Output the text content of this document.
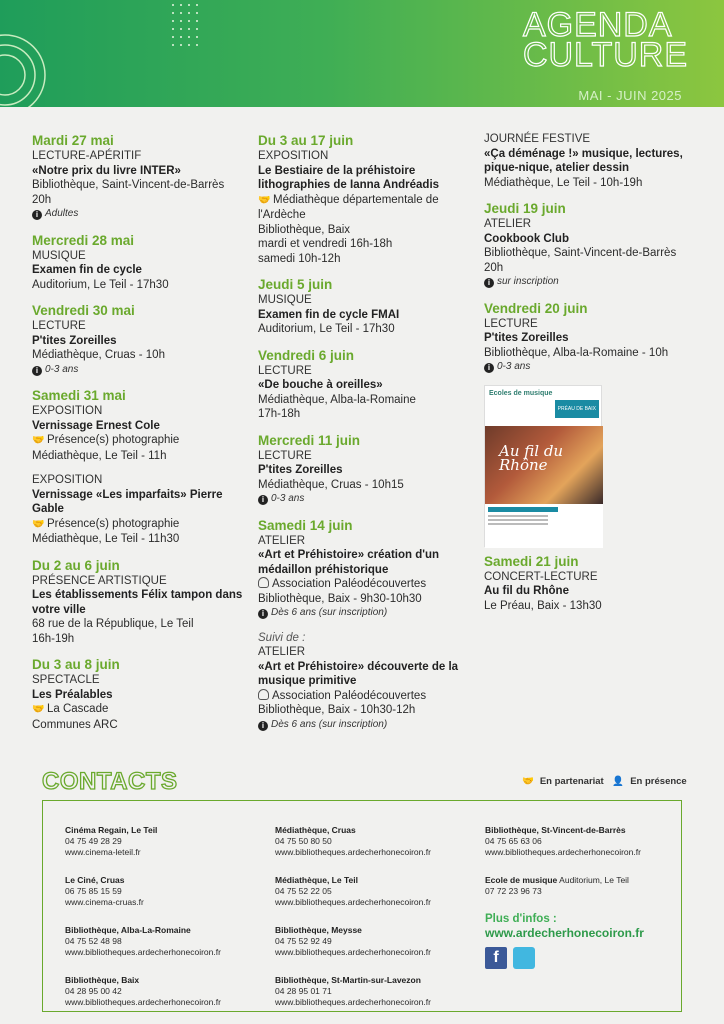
AGENDA
CULTURE
MAI - JUIN 2025
Mardi 27 mai
LECTURE-APÉRITIF
«Notre prix du livre INTER»
Bibliothèque, Saint-Vincent-de-Barrès
20h
i Adultes
Mercredi 28 mai
MUSIQUE
Examen fin de cycle
Auditorium, Le Teil - 17h30
Vendredi 30 mai
LECTURE
P'tites Zoreilles
Médiathèque, Cruas - 10h
i 0-3 ans
Samedi 31 mai
EXPOSITION
Vernissage Ernest Cole
🤝 Présence(s) photographie
Médiathèque, Le Teil - 11h
EXPOSITION
Vernissage «Les imparfaits» Pierre Gable
🤝 Présence(s) photographie
Médiathèque, Le Teil - 11h30
Du 2 au 6 juin
PRÉSENCE ARTISTIQUE
Les établissements Félix tampon dans votre ville
68 rue de la République, Le Teil
16h-19h
Du 3 au 8 juin
SPECTACLE
Les Préalables
🤝 La Cascade
Communes ARC
Du 3 au 17 juin
EXPOSITION
Le Bestiaire de la préhistoire lithographies de Ianna Andréadis
🤝 Médiathèque départementale de l'Ardèche
Bibliothèque, Baix
mardi et vendredi 16h-18h
samedi 10h-12h
Jeudi 5 juin
MUSIQUE
Examen fin de cycle FMAI
Auditorium, Le Teil - 17h30
Vendredi 6 juin
LECTURE
«De bouche à oreilles»
Médiathèque, Alba-la-Romaine
17h-18h
Mercredi 11 juin
LECTURE
P'tites Zoreilles
Médiathèque, Cruas - 10h15
i 0-3 ans
Samedi 14 juin
ATELIER
«Art et Préhistoire» création d'un médaillon préhistorique
Association Paléodécouvertes
Bibliothèque, Baix - 9h30-10h30
i Dès 6 ans (sur inscription)
Suivi de :
ATELIER
«Art et Préhistoire» découverte de la musique primitive
Association Paléodécouvertes
Bibliothèque, Baix - 10h30-12h
i Dès 6 ans (sur inscription)
JOURNÉE FESTIVE
«Ça déménage !» musique, lectures, pique-nique, atelier dessin
Médiathèque, Le Teil - 10h-19h
Jeudi 19 juin
ATELIER
Cookbook Club
Bibliothèque, Saint-Vincent-de-Barrès
20h
i sur inscription
Vendredi 20 juin
LECTURE
P'tites Zoreilles
Bibliothèque, Alba-la-Romaine - 10h
i 0-3 ans
Ecoles de musique
PRÉAU DE BAIX
Au fil du Rhône
Samedi 21 juin
CONCERT-LECTURE
Au fil du Rhône
Le Préau, Baix - 13h30
CONTACTS	🤝 En partenariat 👤 En présence
Cinéma Regain, Le Teil
04 75 49 28 29
www.cinema-leteil.fr
Le Ciné, Cruas
06 75 85 15 59
www.cinema-cruas.fr
Bibliothèque, Alba-La-Romaine
04 75 52 48 98
www.bibliotheques.ardecherhonecoiron.fr
Bibliothèque, Baix
04 28 95 00 42
www.bibliotheques.ardecherhonecoiron.fr
Médiathèque, Cruas
04 75 50 80 50
www.bibliotheques.ardecherhonecoiron.fr
Médiathèque, Le Teil
04 75 52 22 05
www.bibliotheques.ardecherhonecoiron.fr
Bibliothèque, Meysse
04 75 52 92 49
www.bibliotheques.ardecherhonecoiron.fr
Bibliothèque, St-Martin-sur-Lavezon
04 28 95 01 71
www.bibliotheques.ardecherhonecoiron.fr
Bibliothèque, St-Vincent-de-Barrès
04 75 65 63 06
www.bibliotheques.ardecherhonecoiron.fr
Ecole de musique Auditorium, Le Teil
07 72 23 96 73
Plus d'infos :
www.ardecherhonecoiron.fr
f
